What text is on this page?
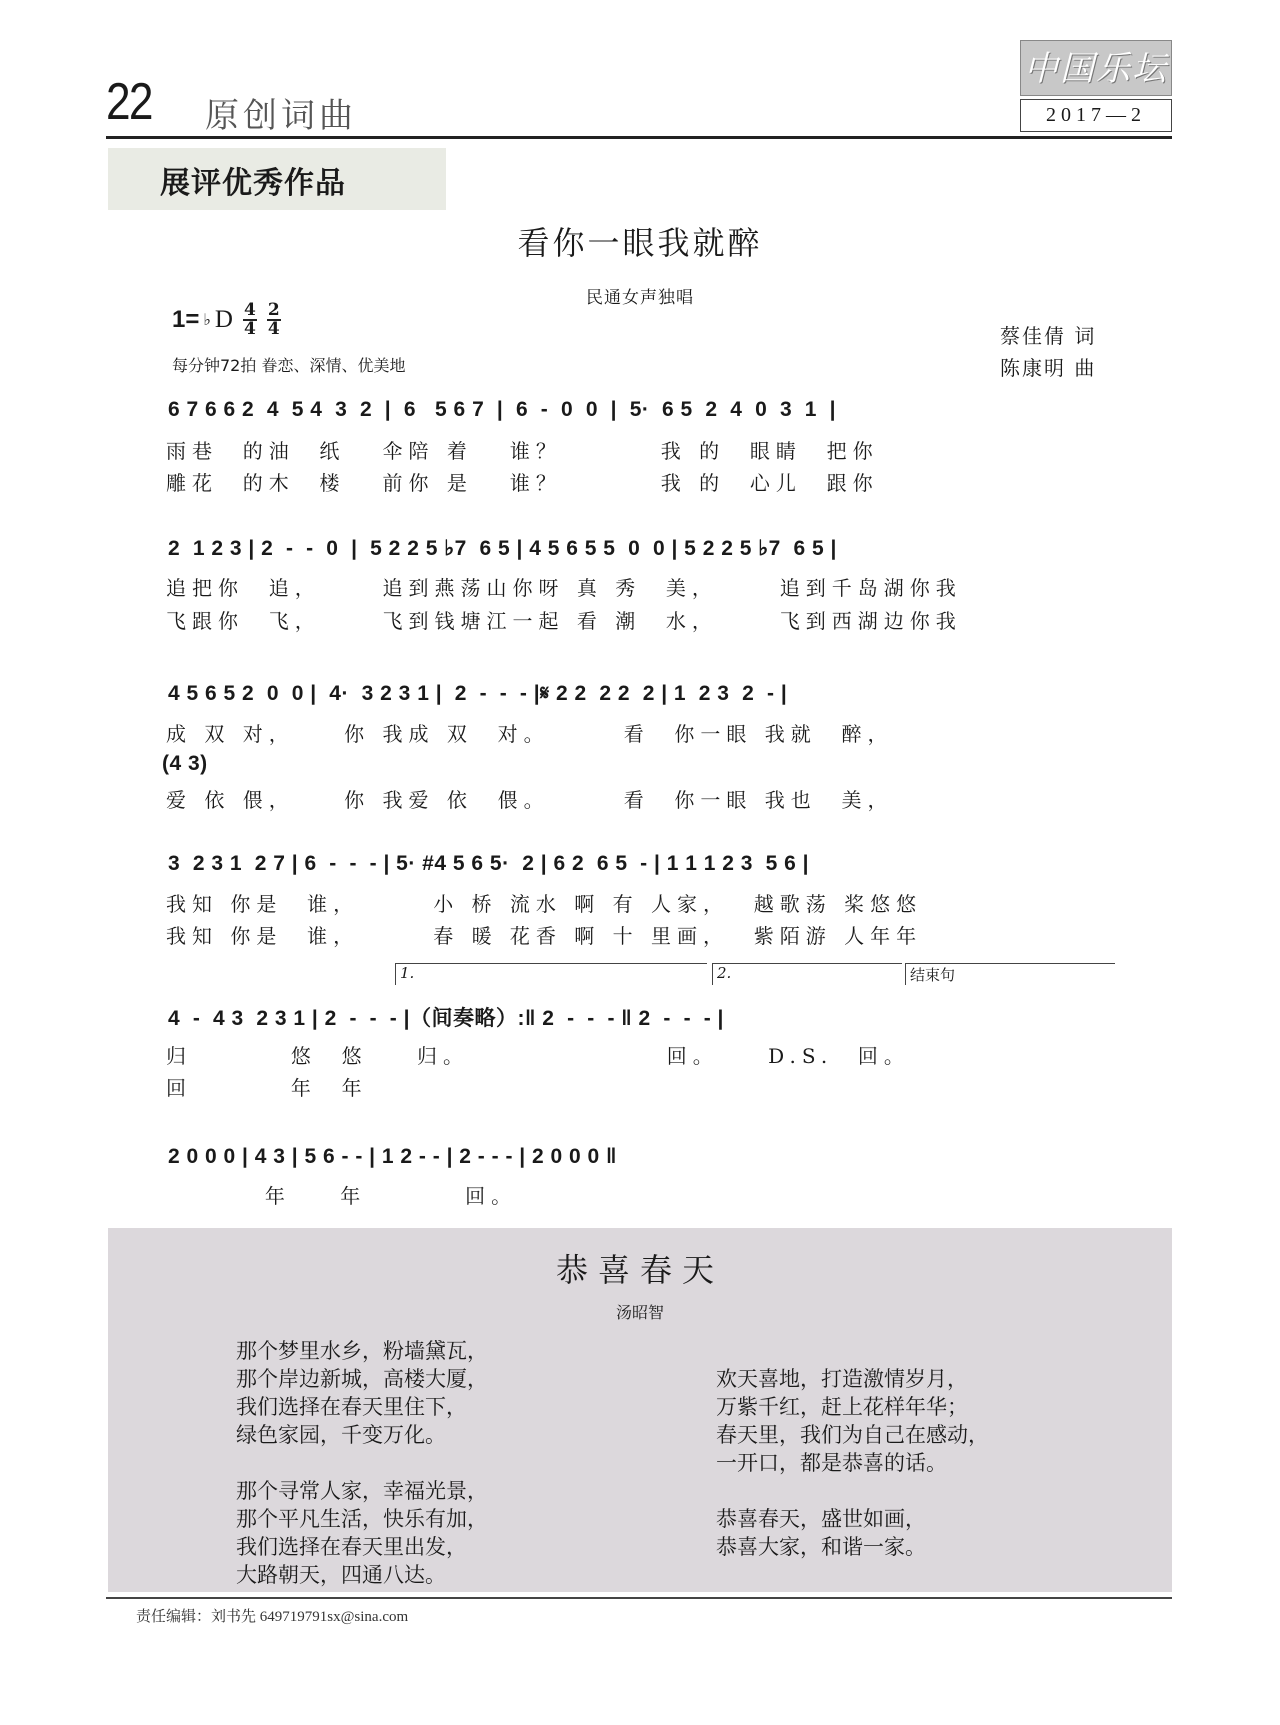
22 原创词曲
中国乐坛
2017—2
展评优秀作品
看你一眼我就醉
民通女声独唱
1= ♭ D $\frac{4}{4} \frac{2}{4}$
每分钟72拍 眷恋、深情、优美地
蔡佳倩 词
陈康明 曲
6 7 6 6 2  4  5 4  3  2  |  6   5 6 7  |  6  -  0  0  |  5·  6 5  2  4  0  3  1  |
雨巷  的油  纸   伞陪 着   谁？        我 的  眼睛  把你
雕花  的木  楼   前你 是   谁？        我 的  心儿  跟你
2  1 2 3 | 2  -  -  0  |  5 2 2 5 ♭7  6 5 | 4 5 6 5 5  0  0 | 5 2 2 5 ♭7  6 5 |
追把你  追，     追到燕荡山你呀 真 秀  美，     追到千岛湖你我
飞跟你  飞，     飞到钱塘江一起 看 潮  水，     飞到西湖边你我
4 5 6 5 2  0  0 |  4·  3 2 3 1 |  2  -  -  - |𝄋 2 2  2 2  2 | 1  2 3  2  - |
成 双 对，    你 我成 双  对。      看  你一眼 我就  醉，
(4 3)
爱 依 偎，    你 我爱 依  偎。      看  你一眼 我也  美，
3  2 3 1  2 7 | 6  -  -  - | 5· #4 5 6 5·  2 | 6 2  6 5  - | 1 1 1 2 3  5 6 |
我知 你是  谁，      小 桥 流水 啊 有 人家，  越歌荡 桨悠悠
我知 你是  谁，      春 暖 花香 啊 十 里画，  紫陌游 人年年
1.	2.	结束句
4  -  4 3  2 3 1 | 2  -  -  - |（间奏略）:‖ 2  -  -  - ‖ 2  -  -  - |
归        悠  悠    归。                回。    D.S.  回。
回        年  年
2 0 0 0 | 4 3 | 5 6 - - | 1 2 - - | 2 - - - | 2 0 0 0 ‖
年    年        回。
恭喜春天
汤昭智
那个梦里水乡，粉墙黛瓦，
那个岸边新城，高楼大厦，
我们选择在春天里住下，
绿色家园，千变万化。
那个寻常人家，幸福光景，
那个平凡生活，快乐有加，
我们选择在春天里出发，
大路朝天，四通八达。
欢天喜地，打造激情岁月，
万紫千红，赶上花样年华；
春天里，我们为自己在感动，
一开口，都是恭喜的话。
恭喜春天，盛世如画，
恭喜大家，和谐一家。
责任编辑：刘书先 649719791sx@sina.com
